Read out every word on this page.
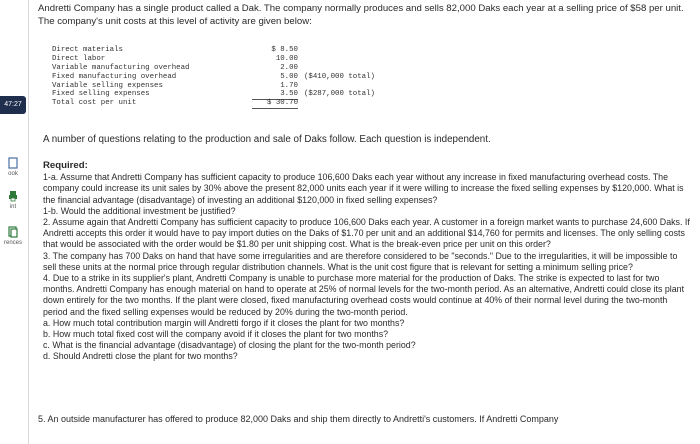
47:27
ook
int
rences
Andretti Company has a single product called a Dak. The company normally produces and sells 82,000 Daks each year at a selling price of $58 per unit. The company's unit costs at this level of activity are given below:
Direct materials	$ 8.50
Direct labor	10.00
Variable manufacturing overhead	2.00
Fixed manufacturing overhead	5.00 ($410,000 total)
Variable selling expenses	1.70
Fixed selling expenses	3.50 ($287,000 total)
Total cost per unit	$ 30.70
A number of questions relating to the production and sale of Daks follow. Each question is independent.
Required:

1-a. Assume that Andretti Company has sufficient capacity to produce 106,600 Daks each year without any increase in fixed manufacturing overhead costs. The company could increase its unit sales by 30% above the present 82,000 units each year if it were willing to increase the fixed selling expenses by $120,000. What is the financial advantage (disadvantage) of investing an additional $120,000 in fixed selling expenses?

1-b. Would the additional investment be justified?

2. Assume again that Andretti Company has sufficient capacity to produce 106,600 Daks each year. A customer in a foreign market wants to purchase 24,600 Daks. If Andretti accepts this order it would have to pay import duties on the Daks of $1.70 per unit and an additional $14,760 for permits and licenses. The only selling costs that would be associated with the order would be $1.80 per unit shipping cost. What is the break-even price per unit on this order?

3. The company has 700 Daks on hand that have some irregularities and are therefore considered to be "seconds." Due to the irregularities, it will be impossible to sell these units at the normal price through regular distribution channels. What is the unit cost figure that is relevant for setting a minimum selling price?

4. Due to a strike in its supplier's plant, Andretti Company is unable to purchase more material for the production of Daks. The strike is expected to last for two months. Andretti Company has enough material on hand to operate at 25% of normal levels for the two-month period. As an alternative, Andretti could close its plant down entirely for the two months. If the plant were closed, fixed manufacturing overhead costs would continue at 40% of their normal level during the two-month period and the fixed selling expenses would be reduced by 20% during the two-month period.

a. How much total contribution margin will Andretti forgo if it closes the plant for two months?

b. How much total fixed cost will the company avoid if it closes the plant for two months?

c. What is the financial advantage (disadvantage) of closing the plant for the two-month period?

d. Should Andretti close the plant for two months?

5. An outside manufacturer has offered to produce 82,000 Daks and ship them directly to Andretti's customers. If Andretti Company
